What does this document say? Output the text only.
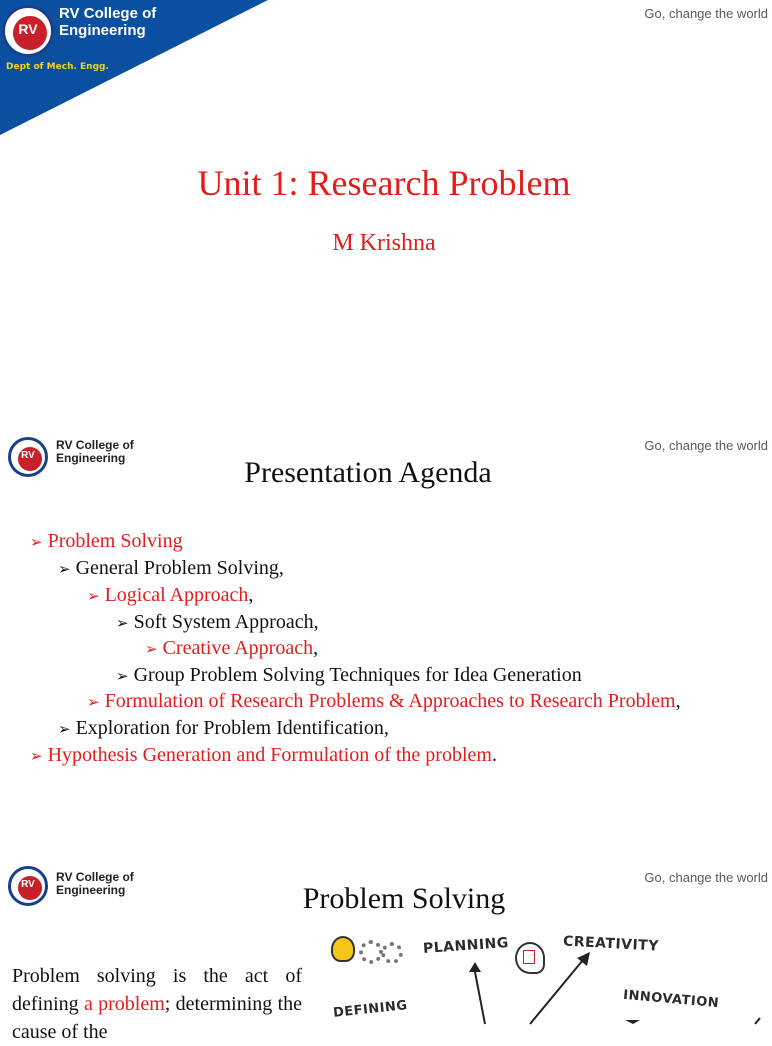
RV
RV College of
Engineering
Dept of Mech. Engg.
Go, change the world
Unit 1: Research Problem
M Krishna
RV
RV College of
Engineering
Go, change the world
Presentation Agenda
➢ Problem Solving
➢ General Problem Solving,
➢ Logical Approach,
➢ Soft System Approach,
➢ Creative Approach,
➢ Group Problem Solving Techniques for Idea Generation
➢ Formulation of Research Problems & Approaches to Research Problem,
➢ Exploration for Problem Identification,
➢ Hypothesis Generation and Formulation of the problem.
RV
RV College of
Engineering
Go, change the world
Problem Solving
Problem solving is the act of defining a problem; determining the cause of the
PLANNING	CREATIVITY
DEFINING	INNOVATION
